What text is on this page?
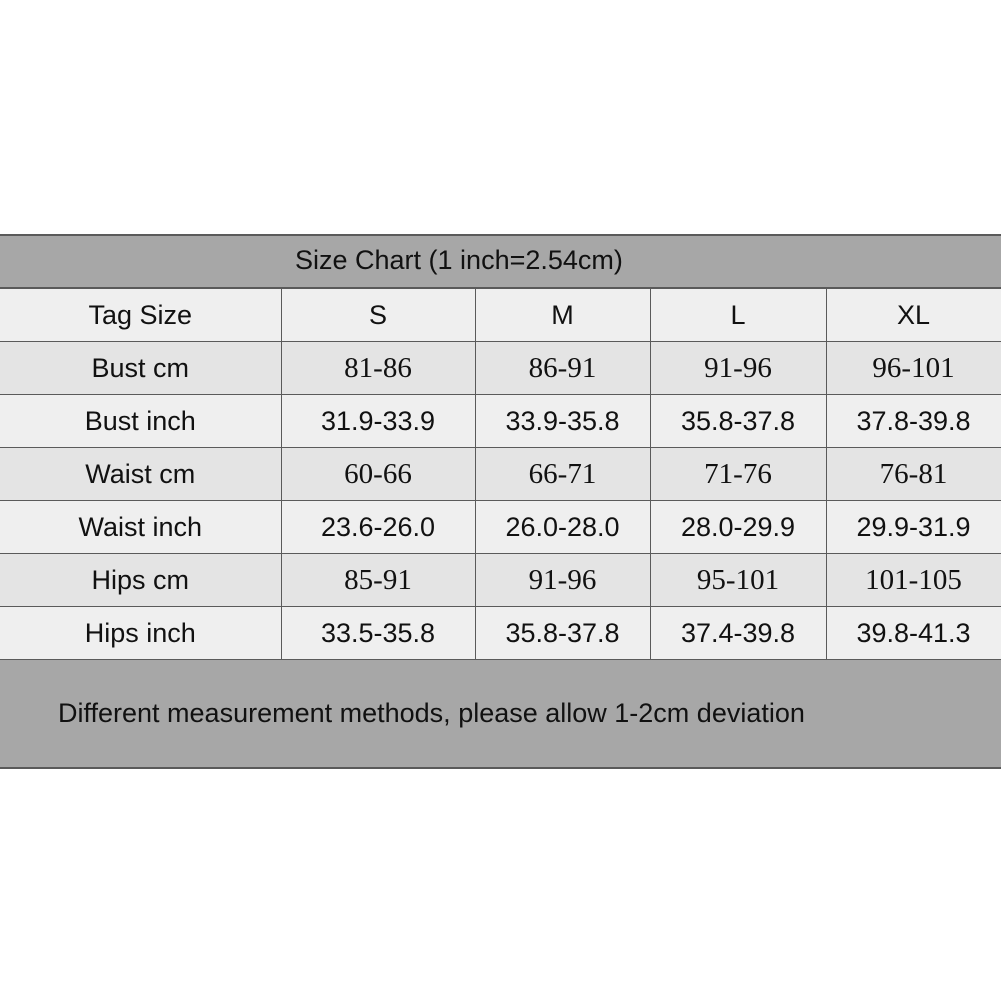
Size Chart (1 inch=2.54cm)
Tag Size	S	M	L	XL
Bust cm	81-86	86-91	91-96	96-101
Bust inch	31.9-33.9	33.9-35.8	35.8-37.8	37.8-39.8
Waist cm	60-66	66-71	71-76	76-81
Waist inch	23.6-26.0	26.0-28.0	28.0-29.9	29.9-31.9
Hips cm	85-91	91-96	95-101	101-105
Hips inch	33.5-35.8	35.8-37.8	37.4-39.8	39.8-41.3
Different measurement methods, please allow 1-2cm deviation
